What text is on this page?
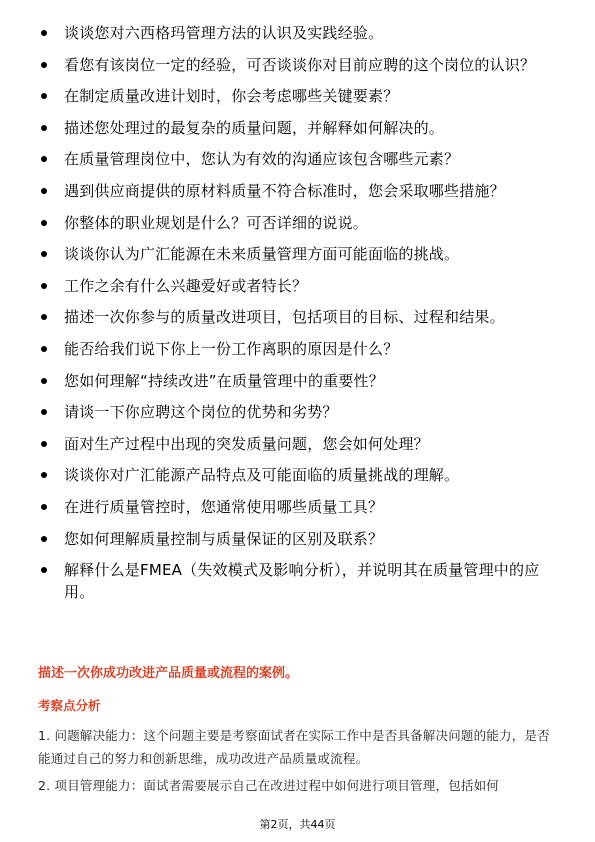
谈谈您对六西格玛管理方法的认识及实践经验。
看您有该岗位一定的经验，可否谈谈你对目前应聘的这个岗位的认识？
在制定质量改进计划时，你会考虑哪些关键要素？
描述您处理过的最复杂的质量问题，并解释如何解决的。
在质量管理岗位中，您认为有效的沟通应该包含哪些元素？
遇到供应商提供的原材料质量不符合标准时，您会采取哪些措施？
你整体的职业规划是什么？可否详细的说说。
谈谈你认为广汇能源在未来质量管理方面可能面临的挑战。
工作之余有什么兴趣爱好或者特长？
描述一次你参与的质量改进项目，包括项目的目标、过程和结果。
能否给我们说下你上一份工作离职的原因是什么？
您如何理解“持续改进”在质量管理中的重要性？
请谈一下你应聘这个岗位的优势和劣势？
面对生产过程中出现的突发质量问题，您会如何处理？
谈谈你对广汇能源产品特点及可能面临的质量挑战的理解。
在进行质量管控时，您通常使用哪些质量工具？
您如何理解质量控制与质量保证的区别及联系？
解释什么是FMEA（失效模式及影响分析），并说明其在质量管理中的应用。
描述一次你成功改进产品质量或流程的案例。
考察点分析

1. 问题解决能力：这个问题主要是考察面试者在实际工作中是否具备解决问题的能力，是否能通过自己的努力和创新思维，成功改进产品质量或流程。

2. 项目管理能力：面试者需要展示自己在改进过程中如何进行项目管理，包括如何

第2页，共44页
